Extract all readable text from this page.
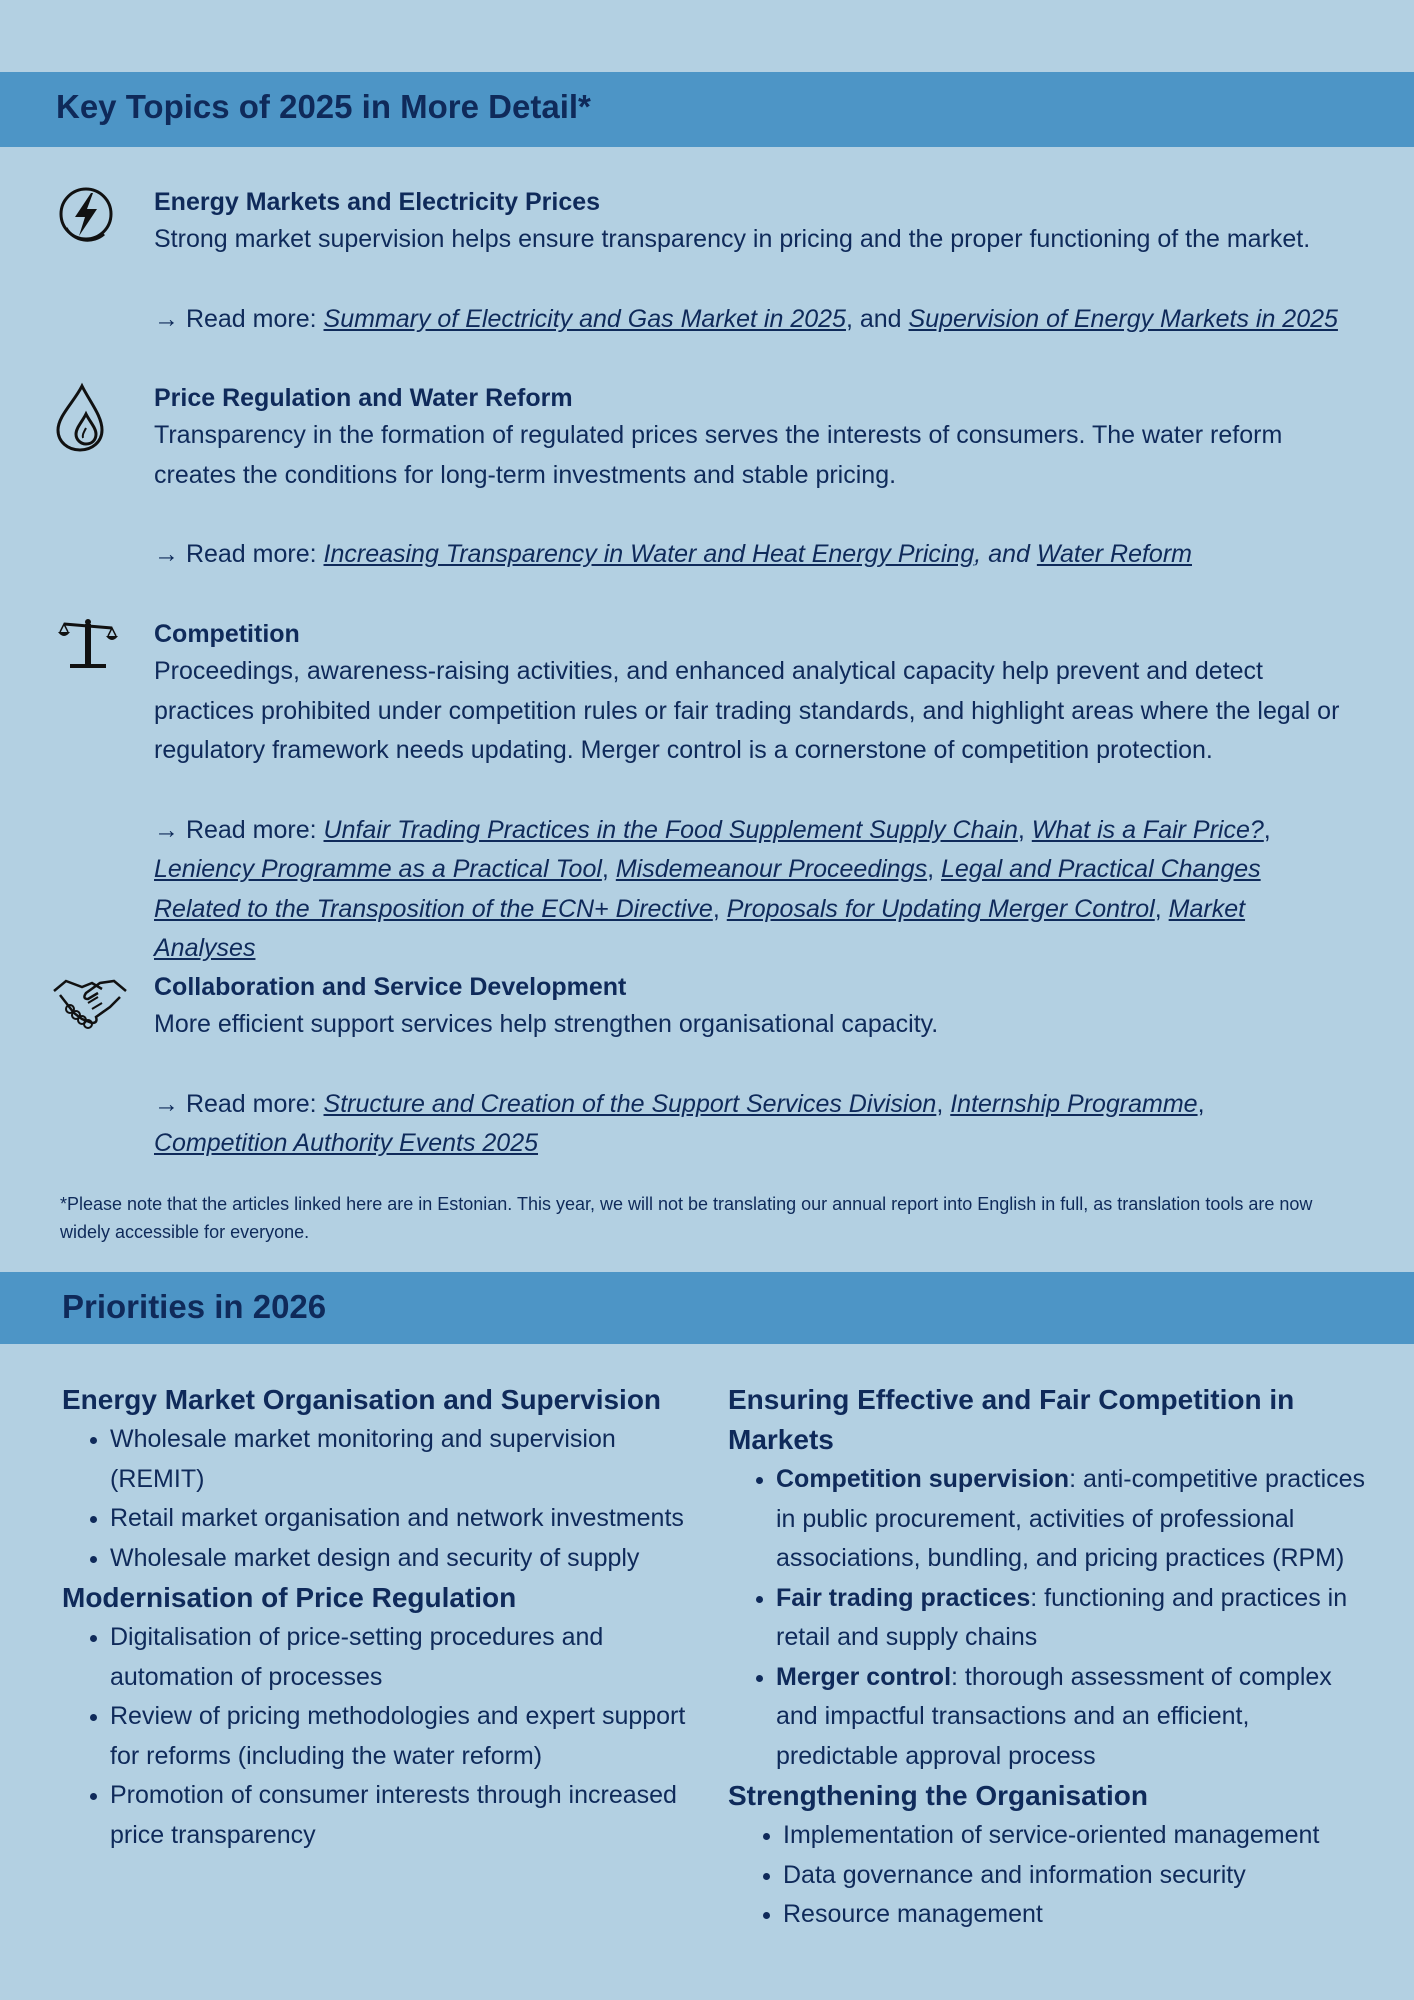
Key Topics of 2025 in More Detail*
Energy Markets and Electricity Prices

Strong market supervision helps ensure transparency in pricing and the proper functioning of the market.

→ Read more: Summary of Electricity and Gas Market in 2025, and Supervision of Energy Markets in 2025

Price Regulation and Water Reform

Transparency in the formation of regulated prices serves the interests of consumers. The water reform creates the conditions for long-term investments and stable pricing.

→ Read more: Increasing Transparency in Water and Heat Energy Pricing, and Water Reform

Competition

Proceedings, awareness-raising activities, and enhanced analytical capacity help prevent and detect practices prohibited under competition rules or fair trading standards, and highlight areas where the legal or regulatory framework needs updating. Merger control is a cornerstone of competition protection.

→ Read more: Unfair Trading Practices in the Food Supplement Supply Chain, What is a Fair Price?, Leniency Programme as a Practical Tool, Misdemeanour Proceedings, Legal and Practical Changes Related to the Transposition of the ECN+ Directive, Proposals for Updating Merger Control, Market Analyses

Collaboration and Service Development

More efficient support services help strengthen organisational capacity.

→ Read more: Structure and Creation of the Support Services Division, Internship Programme, Competition Authority Events 2025

*Please note that the articles linked here are in Estonian. This year, we will not be translating our annual report into English in full, as translation tools are now widely accessible for everyone.

Priorities in 2026
Energy Market Organisation and Supervision
• Wholesale market monitoring and supervision (REMIT)
• Retail market organisation and network investments
• Wholesale market design and security of supply
Modernisation of Price Regulation
• Digitalisation of price-setting procedures and automation of processes
• Review of pricing methodologies and expert support for reforms (including the water reform)
• Promotion of consumer interests through increased price transparency
Ensuring Effective and Fair Competition in Markets
• Competition supervision: anti-competitive practices in public procurement, activities of professional associations, bundling, and pricing practices (RPM)
• Fair trading practices: functioning and practices in retail and supply chains
• Merger control: thorough assessment of complex and impactful transactions and an efficient, predictable approval process
Strengthening the Organisation
• Implementation of service-oriented management
• Data governance and information security
• Resource management
